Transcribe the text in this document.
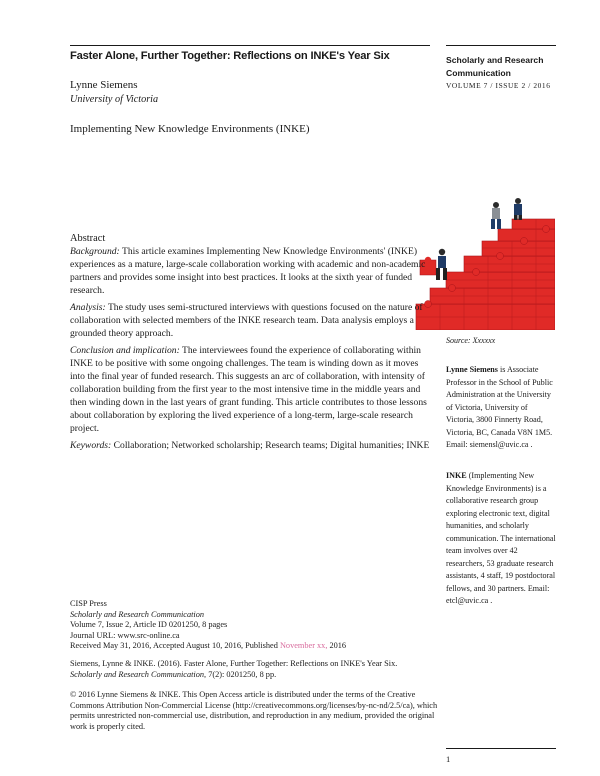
Faster Alone, Further Together: Reflections on INKE's Year Six
Lynne Siemens
University of Victoria
Implementing New Knowledge Environments (INKE)
Scholarly and Research Communication
VOLUME 7 / ISSUE 2 / 2016
Source: Xxxxxx

Abstract

Background: This article examines Implementing New Knowledge Environments' (INKE) experiences as a mature, large-scale collaboration working with academic and non-academic partners and provides some insight into best practices. It looks at the sixth year of funded research.

Analysis: The study uses semi-structured interviews with questions focused on the nature of collaboration with selected members of the INKE research team. Data analysis employs a grounded theory approach.

Conclusion and implication: The interviewees found the experience of collaborating within INKE to be positive with some ongoing challenges. The team is winding down as it moves into the final year of funded research. This suggests an arc of collaboration, with intensity of collaboration building from the first year to the most intensive time in the middle years and then winding down in the last years of grant funding. This article contributes to those lessons about collaboration by exploring the lived experience of a long-term, large-scale research project.

Keywords: Collaboration; Networked scholarship; Research teams; Digital humanities; INKE

Lynne Siemens is Associate Professor in the School of Public Administration at the University of Victoria, University of Victoria, 3800 Finnerty Road, Victoria, BC, Canada V8N 1M5. Email: siemensl@uvic.ca .
INKE (Implementing New Knowledge Environments) is a collaborative research group exploring electronic text, digital humanities, and scholarly communication. The international team involves over 42 researchers, 53 graduate research assistants, 4 staff, 19 postdoctoral fellows, and 30 partners. Email: etcl@uvic.ca .
CISP Press
Scholarly and Research Communication
Volume 7, Issue 2, Article ID 0201250, 8 pages
Journal URL: www.src-online.ca
Received May 31, 2016, Accepted August 10, 2016, Published November xx, 2016
Siemens, Lynne & INKE. (2016). Faster Alone, Further Together: Reflections on INKE's Year Six.
Scholarly and Research Communication, 7(2): 0201250, 8 pp.
© 2016 Lynne Siemens & INKE. This Open Access article is distributed under the terms of the Creative Commons Attribution Non-Commercial License (http://creativecommons.org/licenses/by-nc-nd/2.5/ca), which permits unrestricted non-commercial use, distribution, and reproduction in any medium, provided the original work is properly cited.
1
